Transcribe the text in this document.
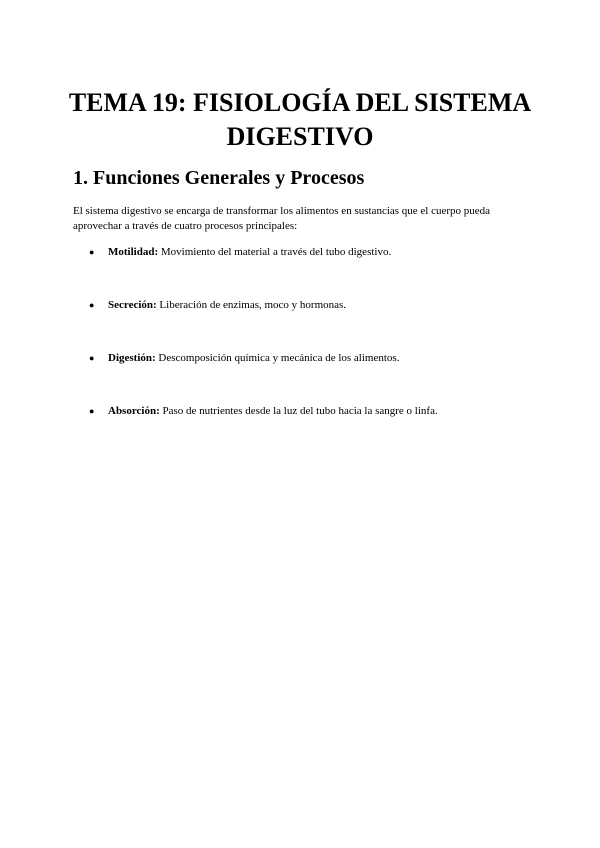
TEMA 19: FISIOLOGÍA DEL SISTEMA DIGESTIVO
1. Funciones Generales y Procesos

El sistema digestivo se encarga de transformar los alimentos en sustancias que el cuerpo pueda aprovechar a través de cuatro procesos principales:

● Motilidad: Movimiento del material a través del tubo digestivo.
● Secreción: Liberación de enzimas, moco y hormonas.
● Digestión: Descomposición química y mecánica de los alimentos.
● Absorción: Paso de nutrientes desde la luz del tubo hacia la sangre o linfa.
